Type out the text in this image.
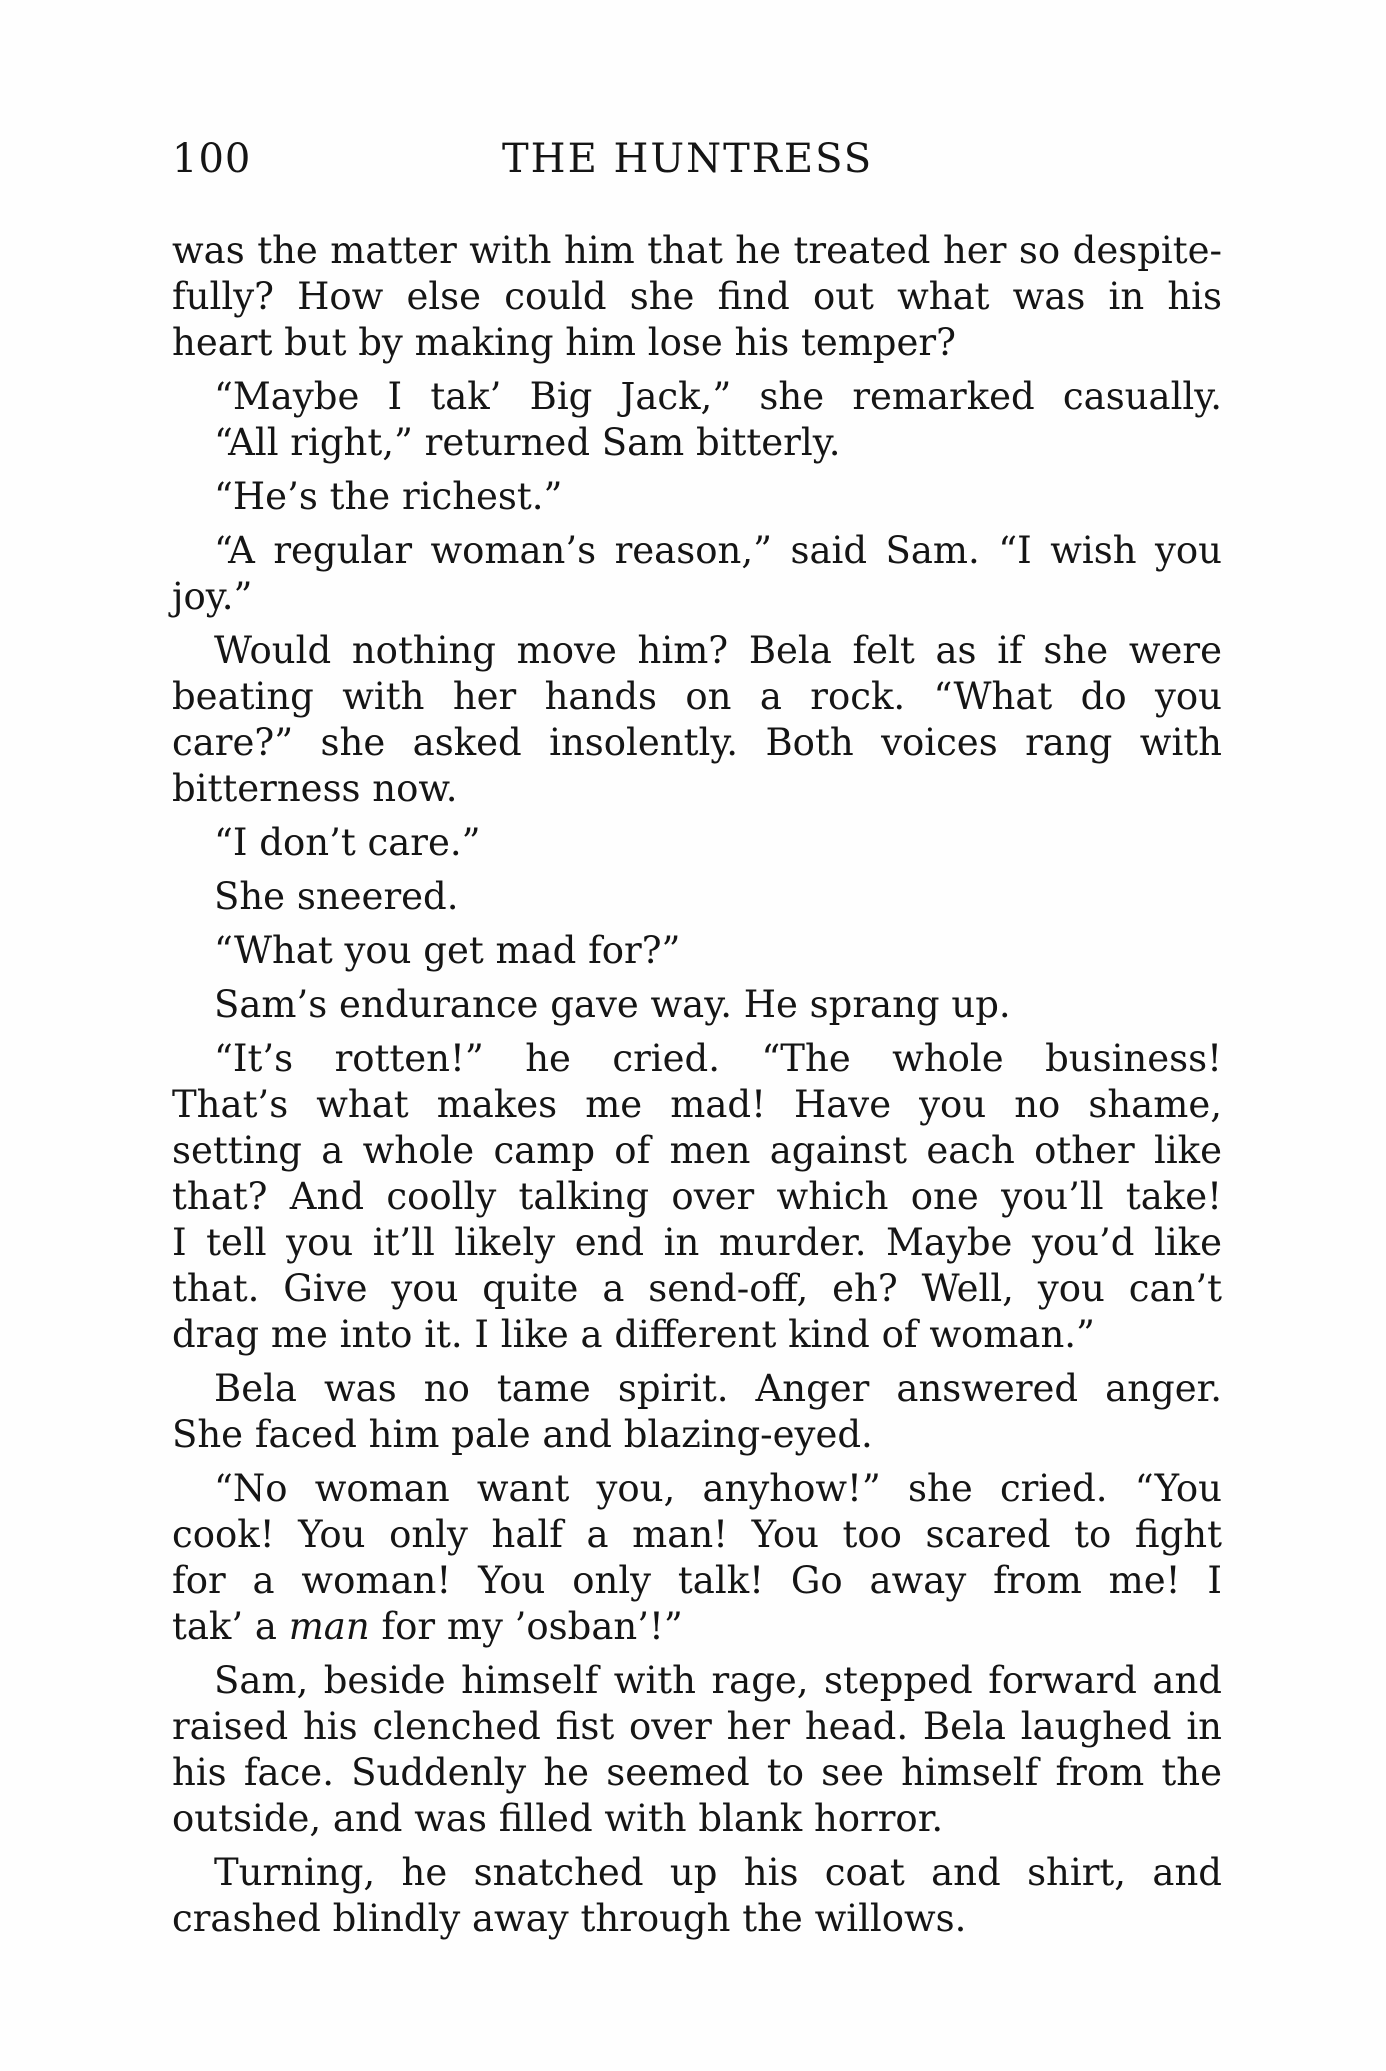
100	THE HUNTRESS
was the matter with him that he treated her so despite-
fully? How else could she find out what was in his
heart but by making him lose his temper?
“Maybe I tak’ Big Jack,” she remarked casually.
“All right,” returned Sam bitterly.
“He’s the richest.”
“A regular woman’s reason,” said Sam. “I wish you
joy.”
Would nothing move him? Bela felt as if she were
beating with her hands on a rock. “What do you
care?” she asked insolently. Both voices rang with
bitterness now.
“I don’t care.”
She sneered.
“What you get mad for?”
Sam’s endurance gave way. He sprang up.
“It’s rotten!” he cried. “The whole business!
That’s what makes me mad! Have you no shame,
setting a whole camp of men against each other like
that? And coolly talking over which one you’ll take!
I tell you it’ll likely end in murder. Maybe you’d like
that. Give you quite a send-off, eh? Well, you can’t
drag me into it. I like a different kind of woman.”
Bela was no tame spirit. Anger answered anger.
She faced him pale and blazing-eyed.
“No woman want you, anyhow!” she cried. “You
cook! You only half a man! You too scared to fight
for a woman! You only talk! Go away from me! I
tak’ a man for my ’osban’!”
Sam, beside himself with rage, stepped forward and
raised his clenched fist over her head. Bela laughed in
his face. Suddenly he seemed to see himself from the
outside, and was filled with blank horror.
Turning, he snatched up his coat and shirt, and
crashed blindly away through the willows.
